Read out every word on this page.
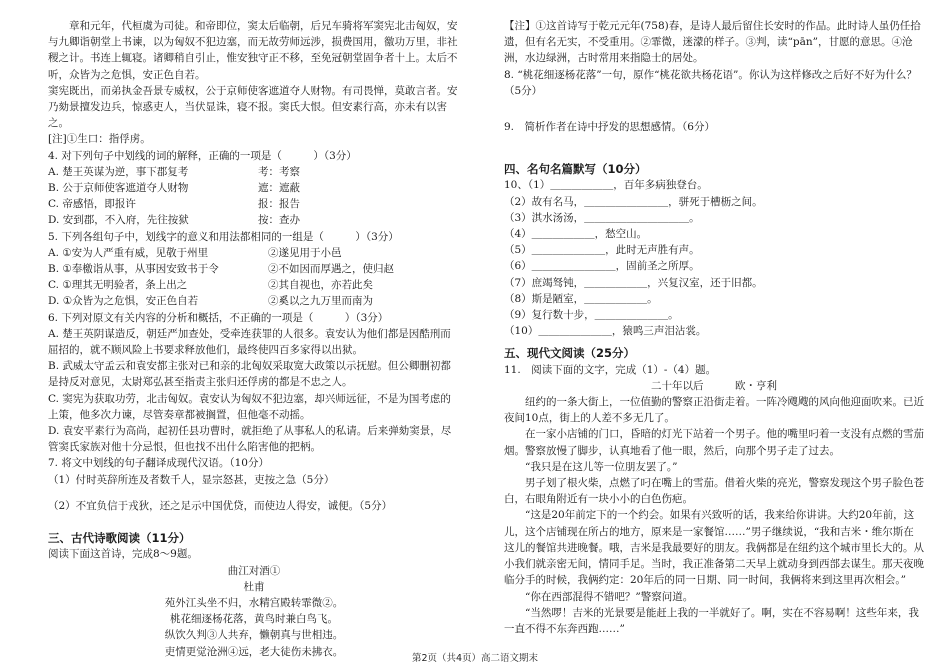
章和元年，代桓虞为司徒。和帝即位，窦太后临朝，后兄车骑将军窦宪北击匈奴，安与九卿诣朝堂上书谏，以为匈奴不犯边塞，而无故劳师远涉，损费国用，徼功万里，非社稷之计。书连上辄寝。诸卿稍自引止，惟安独守正不移，至免冠朝堂固争者十上。太后不听，众皆为之危惧，安正色自若。

窦宪既出，而弟执金吾景专威权，公于京师使客遮道夺人财物。有司畏惮，莫敢言者。安乃劾景擅发边兵，惊惑吏人，当伏显诛，寝不报。窦氏大恨。但安素行高，亦未有以害之。

[注]①生口：指俘虏。

4. 对下列句子中划线的词的解释，正确的一项是（　　　）（3分）

A. 楚王英谋为逆，事下郡复考	考：考察
B. 公于京师使客遮道夺人财物	遮：遮蔽
C. 帝感悟，即报许	报：报告
D. 安到郡，不入府，先往按狱	按：查办

5. 下列各组句子中，划线字的意义和用法都相同的一组是（　　　）（3分）

A. ①安为人严重有威，见敬于州里	②遂见用于小邑
B. ①奉檄诣从事，从事因安致书于令	②不如因而厚遇之，使归赵
C. ①理其无明验者，条上出之	②其自视也，亦若此矣
D. ①众皆为之危惧，安正色自若	②奚以之九万里而南为

6. 下列对原文有关内容的分析和概括，不正确的一项是（　　　）（3分）

A. 楚王英阴谋造反，朝廷严加查处，受牵连获罪的人很多。袁安认为他们都是因酷刑而屈招的，就不顾风险上书要求释放他们，最终使四百多家得以出狱。

B. 武威太守孟云和袁安都主张对已和亲的北匈奴采取宽大政策以示抚慰。但公卿删初都是持反对意见，太尉郑弘甚至指责主张归还俘虏的都是不忠之人。

C. 窦宪为获取功劳，北击匈奴。袁安认为匈奴不犯边塞，却兴师远征，不是为国考虑的上策，他多次力谏，尽管奏章都被搁置，但他毫不动摇。

D. 袁安平素行为高尚，起初任县功曹时，就拒绝了从事私人的私请。后来弹劾窦景，尽管窦氏家族对他十分忌恨，但也找不出什么陷害他的把柄。

7. 将文中划线的句子翻译成现代汉语。（10分）

（1）付时英辞所连及者数千人，显宗怒甚，吏按之急（5分）

（2）不宜负信于戎狄，还之足示中国优贷，而使边人得安，诚便。（5分）

三、古代诗歌阅读（11分）

阅读下面这首诗，完成8～9题。

曲江对酒①

杜甫

苑外江头坐不归，水精宫殿转霏微②。

桃花细逐杨花落，黄鸟时兼白鸟飞。

纵饮久判③人共弃，懒朝真与世相违。

吏情更觉沧洲④远，老大徒伤未拂衣。

【注】①这首诗写于乾元元年(758)春，是诗人最后留住长安时的作品。此时诗人虽仍任拾遗，但有名无实，不受重用。②霏微，迷濛的样子。③判，读“pān”，甘愿的意思。④沧洲，水边绿洲，古时常用来指隐士的居处。

8. “桃花细逐杨花落”一句，原作“桃花欲共杨花语”。你认为这样修改之后好不好为什么？（5分）

9.　简析作者在诗中抒发的思想感情。（6分）

四、名句名篇默写（10分）

10、（1）＿＿＿＿＿＿，百年多病独登台。

（2）故有名马，＿＿＿＿＿＿＿＿，骈死于槽枥之间。

（3）淇水汤汤，＿＿＿＿＿＿＿＿＿＿。

（4）＿＿＿＿＿＿，愁空山。

（5）＿＿＿＿＿＿＿，此时无声胜有声。

（6）＿＿＿＿＿＿＿＿，固前圣之所厚。

（7）庶竭驽钝，＿＿＿＿＿＿，兴复汉室，还于旧都。

（8）斯是陋室，＿＿＿＿＿＿。

（9）复行数十步，＿＿＿＿＿＿＿。

（10）＿＿＿＿＿＿＿，猿鸣三声泪沾裳。

五、现代文阅读（25分）

11.　阅读下面的文字，完成（1）-（4）题。

二十年以后　　　	欧・亨利

纽约的一条大街上，一位值勤的警察正沿街走着。一阵冷飕飕的风向他迎面吹来。已近夜间10点，街上的人差不多无几了。

在一家小店铺的门口，昏暗的灯光下站着一个男子。他的嘴里叼着一支没有点燃的雪茄烟。警察放慢了脚步，认真地看了他一眼，然后，向那个男子走了过去。

“我只是在这儿等一位朋友罢了。”

男子划了根火柴，点燃了叼在嘴上的雪茄。借着火柴的亮光，警察发现这个男子脸色苍白，右眼角附近有一块小小的白色伤疤。

“这是20年前定下的一个约会。如果有兴致听的话，我来给你讲讲。大约20年前，这儿，这个店铺现在所占的地方，原来是一家餐馆……”男子继续说，“我和吉米・维尔斯在这儿的餐馆共进晚餐。哦，吉米是我最要好的朋友。我俩都是在纽约这个城市里长大的。从小我们就亲密无间，情同手足。当时，我正准备第二天早上就动身到西部去谋生。那天夜晚临分手的时候，我俩约定：20年后的同一日期、同一时间，我俩将来到这里再次相会。”

“你在西部混得不错吧？”警察问道。

“当然啰！吉米的光景要是能赶上我的一半就好了。啊，实在不容易啊！这些年来，我一直不得不东奔西跑……”

第2页（共4页）高二语文期末
